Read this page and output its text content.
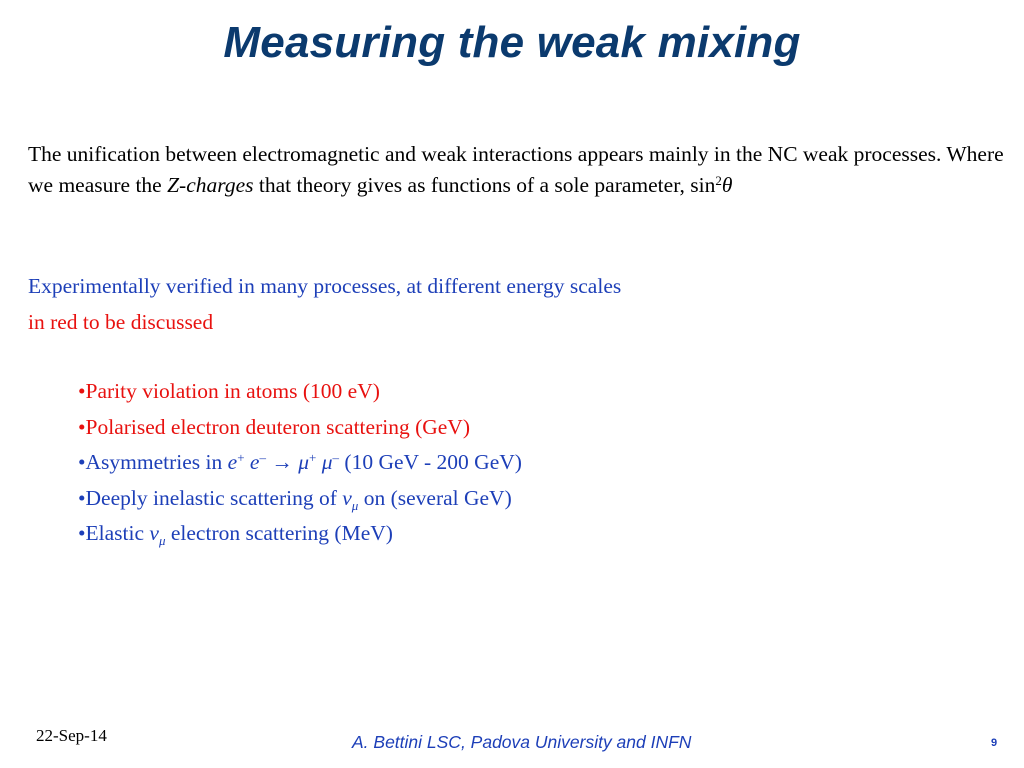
Measuring the weak mixing
The unification between electromagnetic and weak interactions appears mainly in the NC weak processes. Where we measure the Z-charges that theory gives as functions of a sole parameter, $\sin^2\theta$
Experimentally verified in many processes, at different energy scales
in red to be discussed
•Parity violation in atoms (100 eV)
•Polarised electron deuteron scattering (GeV)
•Asymmetries in e+ e– → μ+ μ– (10 GeV - 200 GeV)
•Deeply inelastic scattering of $\nu_\mu$ on (several GeV)
•Elastic $\nu_\mu$ electron scattering (MeV)
22-Sep-14	A. Bettini LSC, Padova University and INFN	9
